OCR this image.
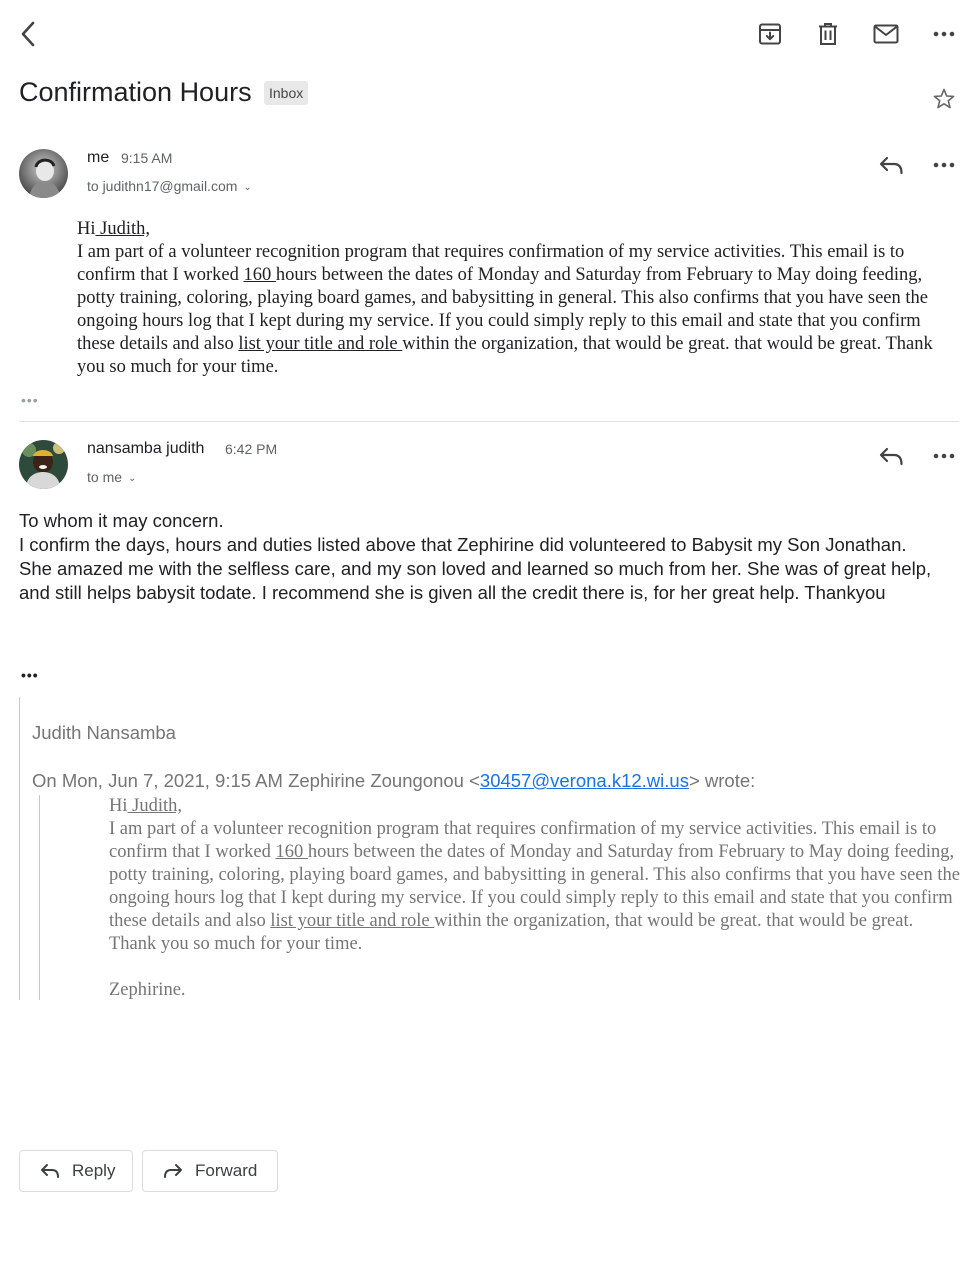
Confirmation Hours	Inbox
me 9:15 AM
to judithn17@gmail.com ⌄

Hi Judith,

I am part of a volunteer recognition program that requires confirmation of my service activities. This email is to confirm that I worked 160 hours between the dates of Monday and Saturday from February to May doing feeding, potty training, coloring, playing board games, and babysitting in general. This also confirms that you have seen the ongoing hours log that I kept during my service. If you could simply reply to this email and state that you confirm these details and also list your title and role within the organization, that would be great. that would be great. Thank you so much for your time.

•••
nansamba judith 6:42 PM
to me ⌄

To whom it may concern.

I confirm the days, hours and duties listed above that Zephirine did volunteered to Babysit my Son Jonathan.

She amazed me with the selfless care, and my son loved and learned so much from her. She was of great help, and still helps babysit todate. I recommend she is given all the credit there is, for her great help. Thankyou

•••
Judith Nansamba
On Mon, Jun 7, 2021, 9:15 AM Zephirine Zoungonou <30457@verona.k12.wi.us> wrote:

Hi Judith,

I am part of a volunteer recognition program that requires confirmation of my service activities. This email is to confirm that I worked 160 hours between the dates of Monday and Saturday from February to May doing feeding, potty training, coloring, playing board games, and babysitting in general. This also confirms that you have seen the ongoing hours log that I kept during my service. If you could simply reply to this email and state that you confirm these details and also list your title and role within the organization, that would be great. that would be great. Thank you so much for your time.

Zephirine.

Reply	Forward
